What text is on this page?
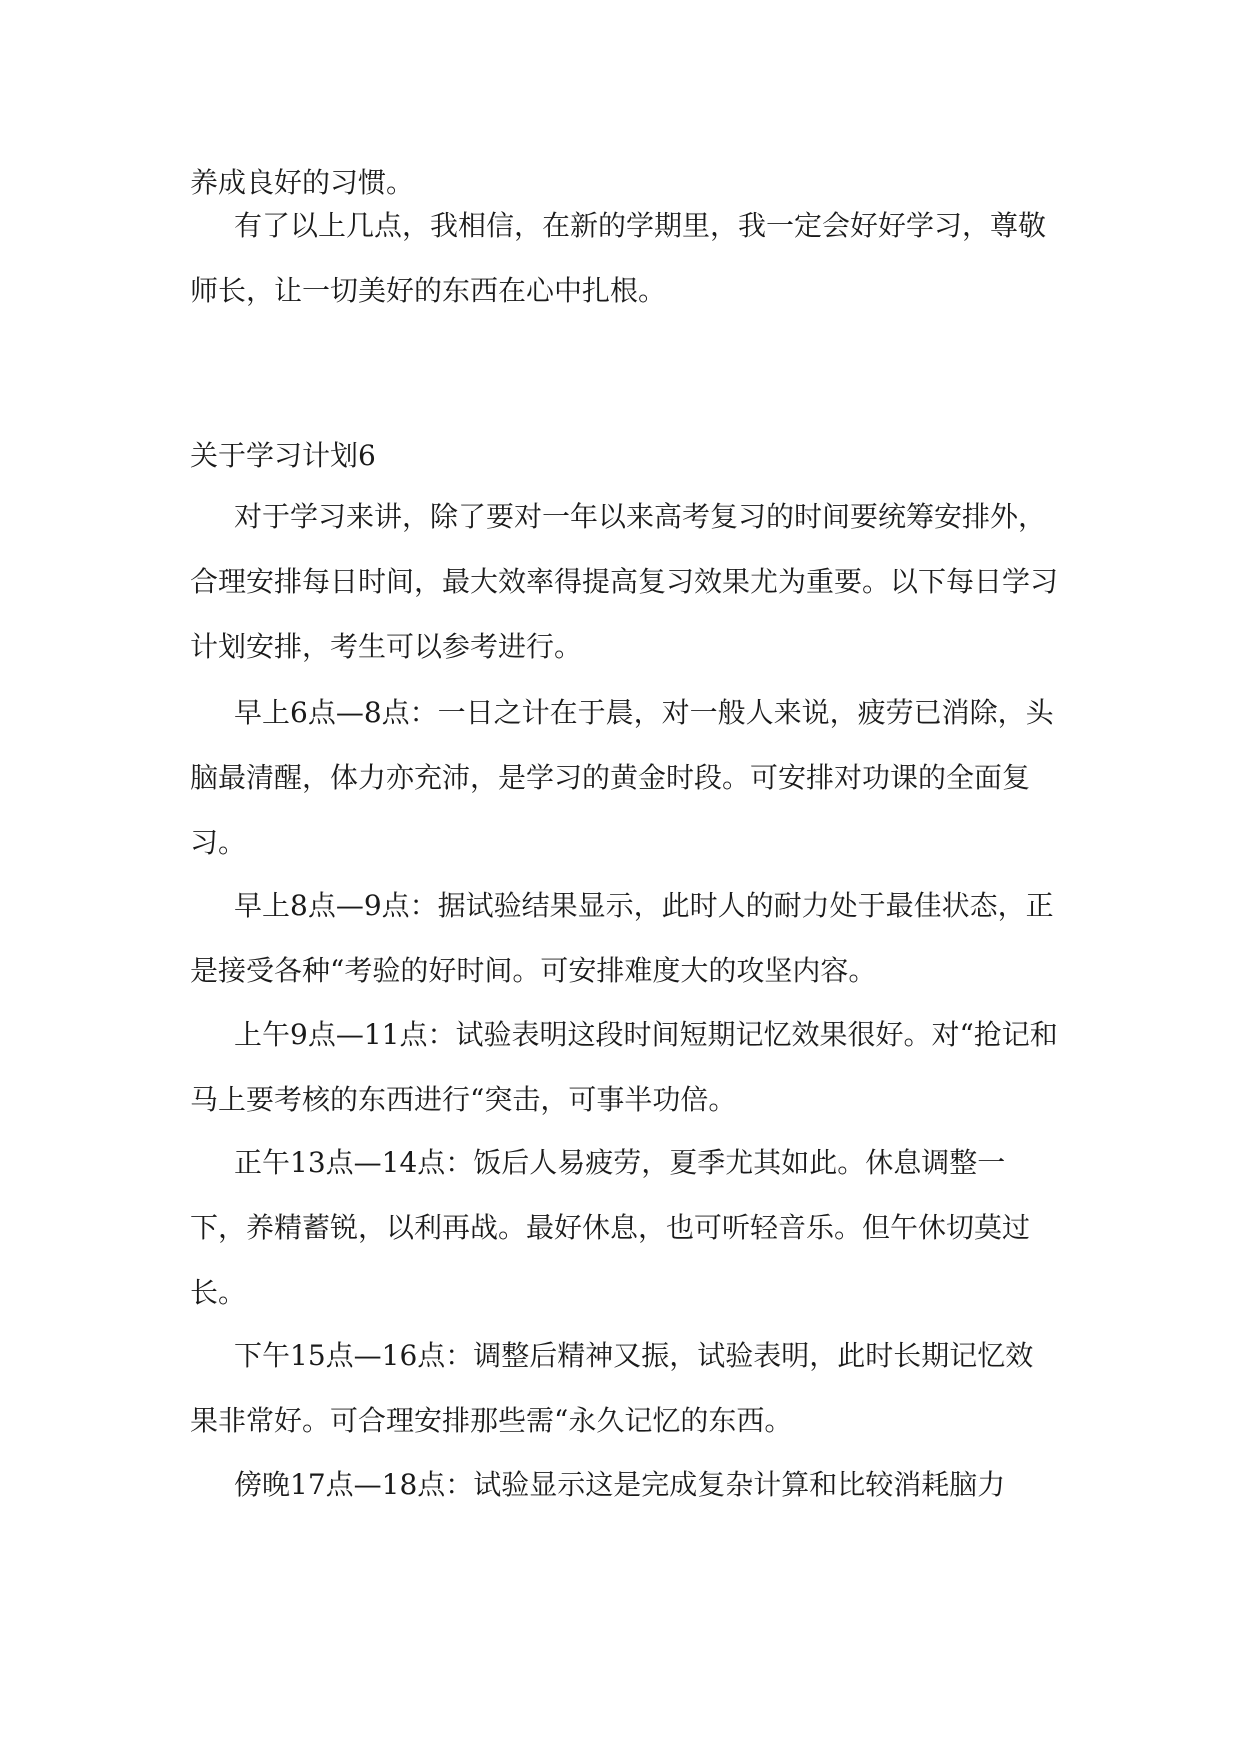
养成良好的习惯。

有了以上几点，我相信，在新的学期里，我一定会好好学习，尊敬师长，让一切美好的东西在心中扎根。

关于学习计划6

对于学习来讲，除了要对一年以来高考复习的时间要统筹安排外，合理安排每日时间，最大效率得提高复习效果尤为重要。以下每日学习计划安排，考生可以参考进行。

早上6点—8点：一日之计在于晨，对一般人来说，疲劳已消除，头脑最清醒，体力亦充沛，是学习的黄金时段。可安排对功课的全面复习。

早上8点—9点：据试验结果显示，此时人的耐力处于最佳状态，正是接受各种“考验的好时间。可安排难度大的攻坚内容。

上午9点—11点：试验表明这段时间短期记忆效果很好。对“抢记和马上要考核的东西进行“突击，可事半功倍。

正午13点—14点：饭后人易疲劳，夏季尤其如此。休息调整一下，养精蓄锐，以利再战。最好休息，也可听轻音乐。但午休切莫过长。

下午15点—16点：调整后精神又振，试验表明，此时长期记忆效果非常好。可合理安排那些需“永久记忆的东西。

傍晚17点—18点：试验显示这是完成复杂计算和比较消耗脑力
